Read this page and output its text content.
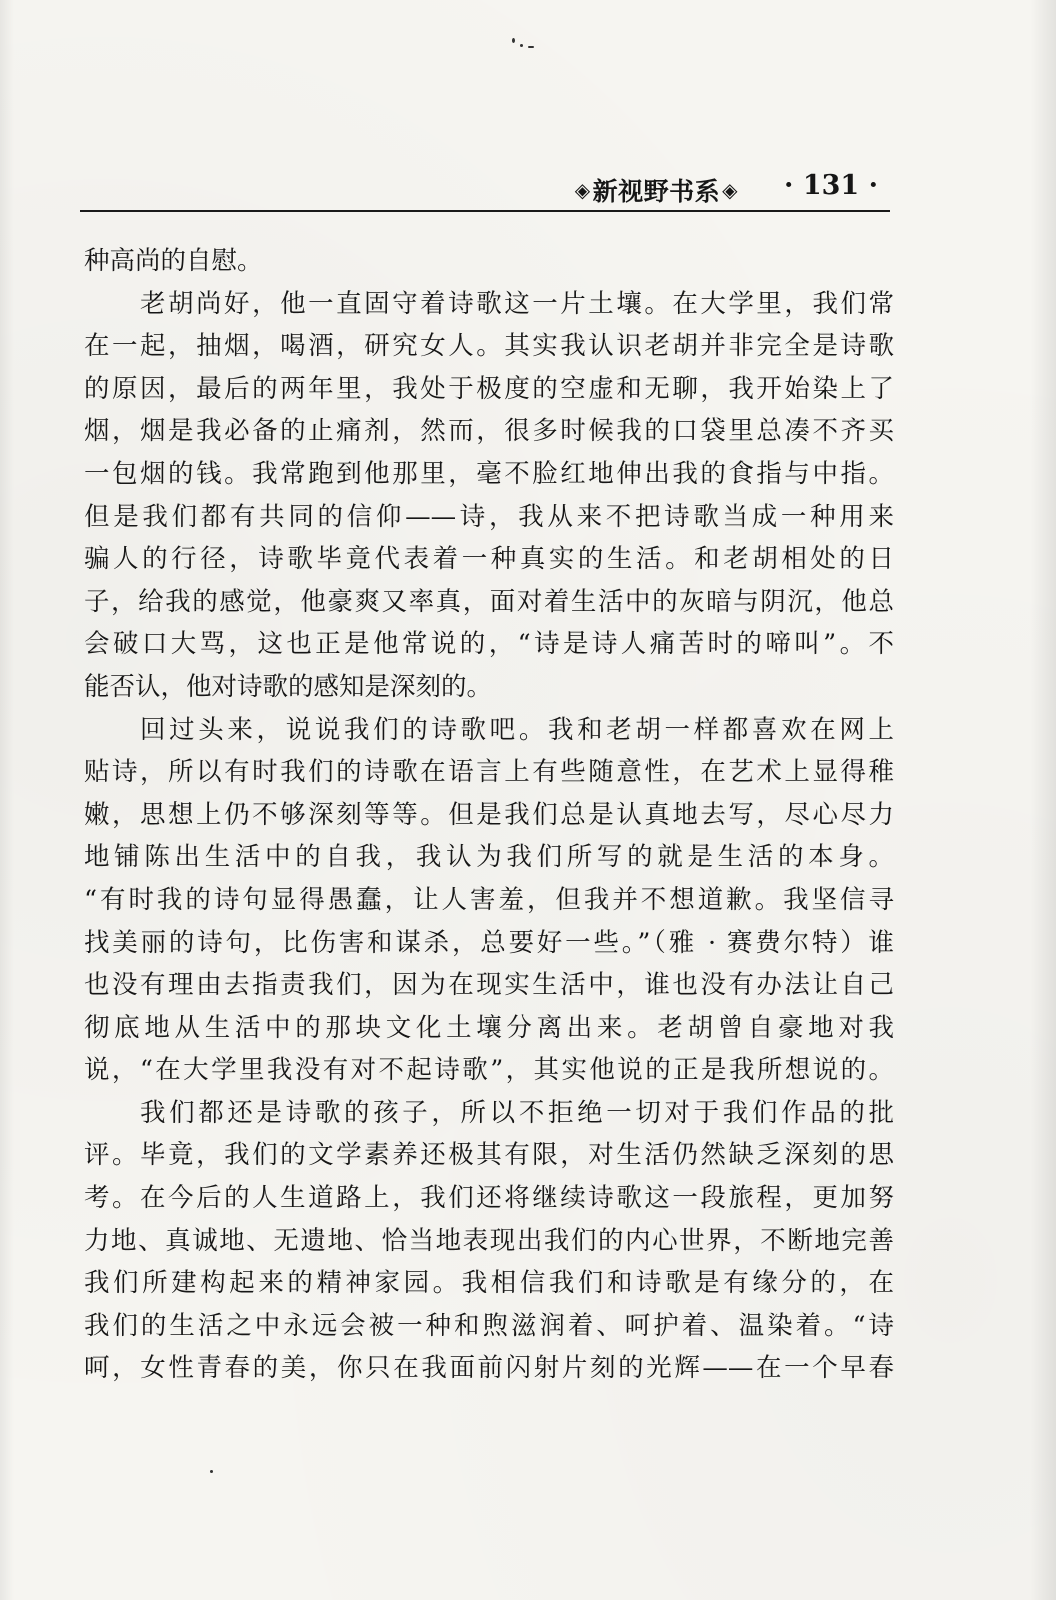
◈ 新视野书系 ◈ · 131 ·
种高尚的自慰。
老胡尚好，他一直固守着诗歌这一片土壤。在大学里，我们常
在一起，抽烟，喝酒，研究女人。其实我认识老胡并非完全是诗歌
的原因，最后的两年里，我处于极度的空虚和无聊，我开始染上了
烟，烟是我必备的止痛剂，然而，很多时候我的口袋里总凑不齐买
一包烟的钱。我常跑到他那里，毫不脸红地伸出我的食指与中指。
但是我们都有共同的信仰——诗，我从来不把诗歌当成一种用来
骗人的行径，诗歌毕竟代表着一种真实的生活。和老胡相处的日
子，给我的感觉，他豪爽又率真，面对着生活中的灰暗与阴沉，他总
会破口大骂，这也正是他常说的，“诗是诗人痛苦时的啼叫”。不
能否认，他对诗歌的感知是深刻的。
回过头来，说说我们的诗歌吧。我和老胡一样都喜欢在网上
贴诗，所以有时我们的诗歌在语言上有些随意性，在艺术上显得稚
嫩，思想上仍不够深刻等等。但是我们总是认真地去写，尽心尽力
地铺陈出生活中的自我，我认为我们所写的就是生活的本身。
“有时我的诗句显得愚蠢，让人害羞，但我并不想道歉。我坚信寻
找美丽的诗句，比伤害和谋杀，总要好一些。”（雅 · 赛费尔特）谁
也没有理由去指责我们，因为在现实生活中，谁也没有办法让自己
彻底地从生活中的那块文化土壤分离出来。老胡曾自豪地对我
说，“在大学里我没有对不起诗歌”，其实他说的正是我所想说的。
我们都还是诗歌的孩子，所以不拒绝一切对于我们作品的批
评。毕竟，我们的文学素养还极其有限，对生活仍然缺乏深刻的思
考。在今后的人生道路上，我们还将继续诗歌这一段旅程，更加努
力地、真诚地、无遗地、恰当地表现出我们的内心世界，不断地完善
我们所建构起来的精神家园。我相信我们和诗歌是有缘分的，在
我们的生活之中永远会被一种和煦滋润着、呵护着、温染着。“诗
呵，女性青春的美，你只在我面前闪射片刻的光辉——在一个早春
